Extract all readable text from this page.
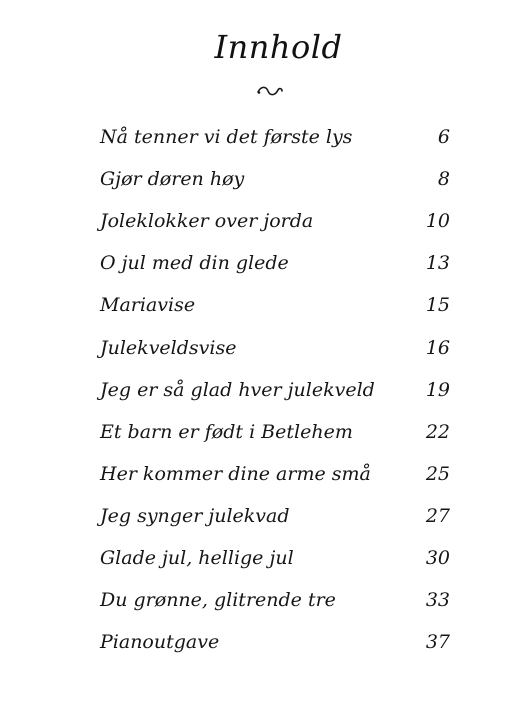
Innhold
Nå tenner vi det første lys	6
Gjør døren høy	8
Joleklokker over jorda	10
O jul med din glede	13
Mariavise	15
Julekveldsvise	16
Jeg er så glad hver julekveld	19
Et barn er født i Betlehem	22
Her kommer dine arme små	25
Jeg synger julekvad	27
Glade jul, hellige jul	30
Du grønne, glitrende tre	33
Pianoutgave	37
